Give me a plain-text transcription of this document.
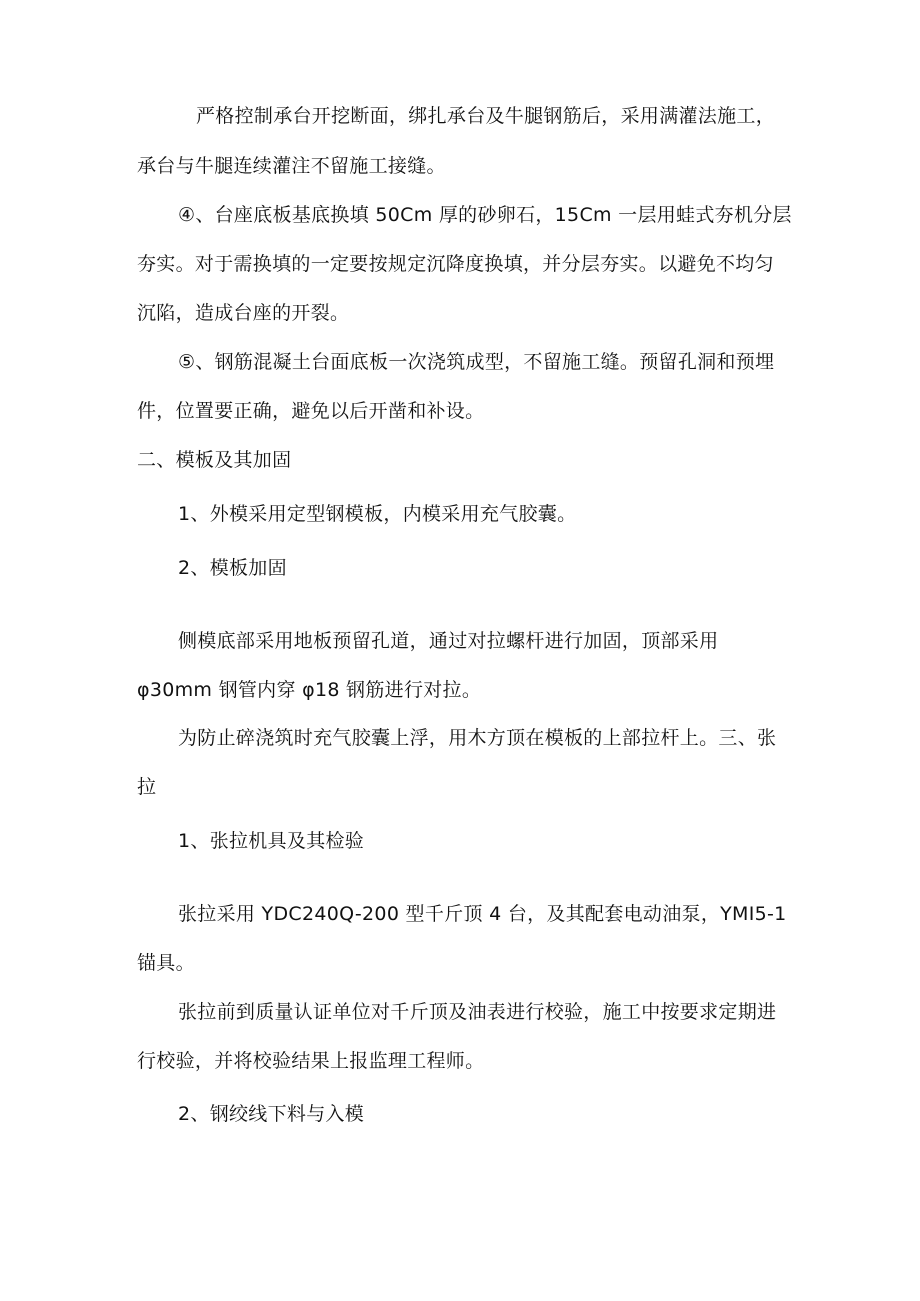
严格控制承台开挖断面，绑扎承台及牛腿钢筋后，采用满灌法施工，
承台与牛腿连续灌注不留施工接缝。
④、台座底板基底换填 50Cm 厚的砂卵石，15Cm 一层用蛙式夯机分层
夯实。对于需换填的一定要按规定沉降度换填，并分层夯实。以避免不均匀
沉陷，造成台座的开裂。
⑤、钢筋混凝土台面底板一次浇筑成型，不留施工缝。预留孔洞和预埋
件，位置要正确，避免以后开凿和补设。
二、模板及其加固
1、外模采用定型钢模板，内模采用充气胶囊。
2、模板加固
侧模底部采用地板预留孔道，通过对拉螺杆进行加固，顶部采用
φ30mm 钢管内穿 φ18 钢筋进行对拉。
为防止碎浇筑时充气胶囊上浮，用木方顶在模板的上部拉杆上。三、张
拉
1、张拉机具及其检验
张拉采用 YDC240Q-200 型千斤顶 4 台，及其配套电动油泵，YMI5-1
锚具。
张拉前到质量认证单位对千斤顶及油表进行校验，施工中按要求定期进
行校验，并将校验结果上报监理工程师。
2、钢绞线下料与入模
